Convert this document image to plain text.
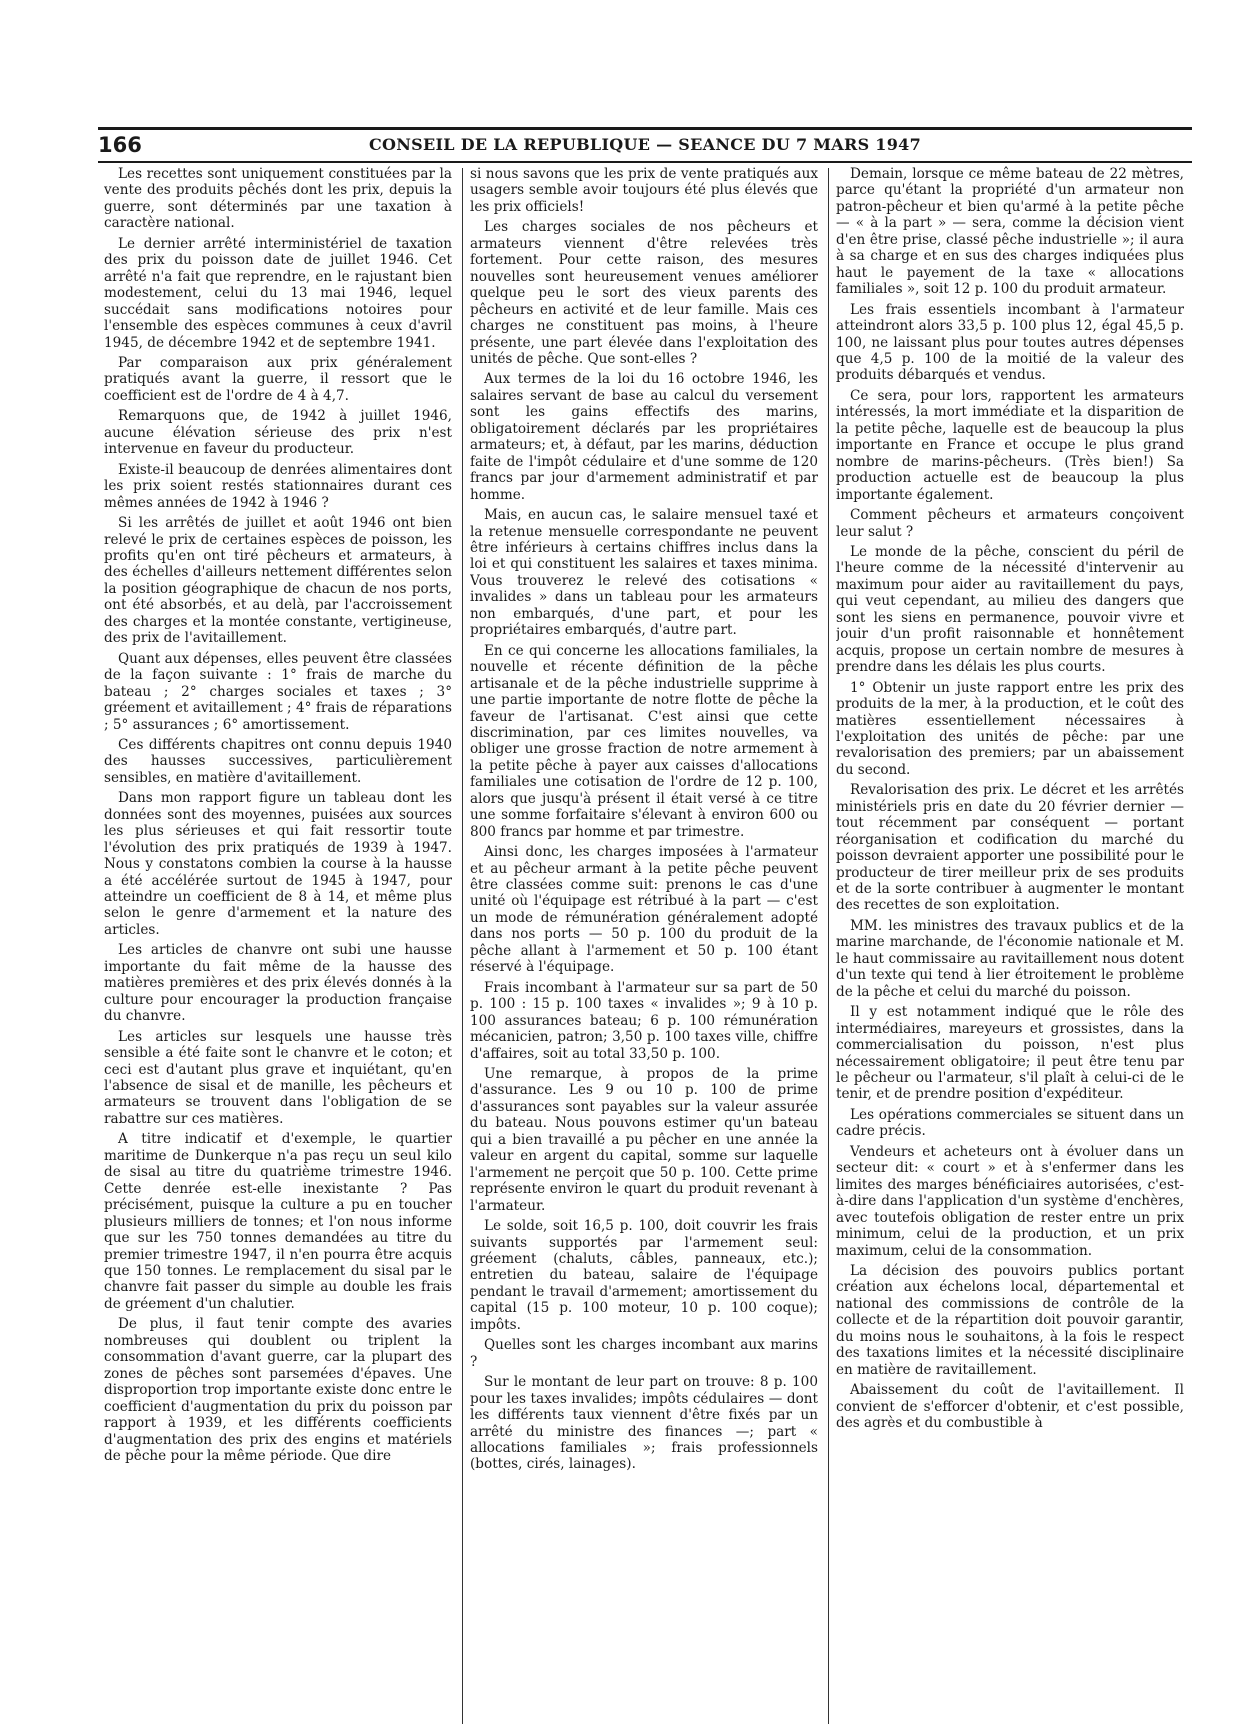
166	CONSEIL DE LA REPUBLIQUE — SEANCE DU 7 MARS 1947

Les recettes sont uniquement constituées par la vente des produits pêchés dont les prix, depuis la guerre, sont déterminés par une taxation à caractère national.

Le dernier arrêté interministériel de taxation des prix du poisson date de juillet 1946. Cet arrêté n'a fait que reprendre, en le rajustant bien modestement, celui du 13 mai 1946, lequel succédait sans modifications notoires pour l'ensemble des espèces communes à ceux d'avril 1945, de décembre 1942 et de septembre 1941.

Par comparaison aux prix généralement pratiqués avant la guerre, il ressort que le coefficient est de l'ordre de 4 à 4,7.

Remarquons que, de 1942 à juillet 1946, aucune élévation sérieuse des prix n'est intervenue en faveur du producteur.

Existe-il beaucoup de denrées alimentaires dont les prix soient restés stationnaires durant ces mêmes années de 1942 à 1946 ?

Si les arrêtés de juillet et août 1946 ont bien relevé le prix de certaines espèces de poisson, les profits qu'en ont tiré pêcheurs et armateurs, à des échelles d'ailleurs nettement différentes selon la position géographique de chacun de nos ports, ont été absorbés, et au delà, par l'accroissement des charges et la montée constante, vertigineuse, des prix de l'avitaillement.

Quant aux dépenses, elles peuvent être classées de la façon suivante : 1° frais de marche du bateau ; 2° charges sociales et taxes ; 3° gréement et avitaillement ; 4° frais de réparations ; 5° assurances ; 6° amortissement.

Ces différents chapitres ont connu depuis 1940 des hausses successives, particulièrement sensibles, en matière d'avitaillement.

Dans mon rapport figure un tableau dont les données sont des moyennes, puisées aux sources les plus sérieuses et qui fait ressortir toute l'évolution des prix pratiqués de 1939 à 1947. Nous y constatons combien la course à la hausse a été accélérée surtout de 1945 à 1947, pour atteindre un coefficient de 8 à 14, et même plus selon le genre d'armement et la nature des articles.

Les articles de chanvre ont subi une hausse importante du fait même de la hausse des matières premières et des prix élevés donnés à la culture pour encourager la production française du chanvre.

Les articles sur lesquels une hausse très sensible a été faite sont le chanvre et le coton; et ceci est d'autant plus grave et inquiétant, qu'en l'absence de sisal et de manille, les pêcheurs et armateurs se trouvent dans l'obligation de se rabattre sur ces matières.

A titre indicatif et d'exemple, le quartier maritime de Dunkerque n'a pas reçu un seul kilo de sisal au titre du quatrième trimestre 1946. Cette denrée est-elle inexistante ? Pas précisément, puisque la culture a pu en toucher plusieurs milliers de tonnes; et l'on nous informe que sur les 750 tonnes demandées au titre du premier trimestre 1947, il n'en pourra être acquis que 150 tonnes. Le remplacement du sisal par le chanvre fait passer du simple au double les frais de gréement d'un chalutier.

De plus, il faut tenir compte des avaries nombreuses qui doublent ou triplent la consommation d'avant guerre, car la plupart des zones de pêches sont parsemées d'épaves. Une disproportion trop importante existe donc entre le coefficient d'augmentation du prix du poisson par rapport à 1939, et les différents coefficients d'augmentation des prix des engins et matériels de pêche pour la même période. Que dire

si nous savons que les prix de vente pratiqués aux usagers semble avoir toujours été plus élevés que les prix officiels!

Les charges sociales de nos pêcheurs et armateurs viennent d'être relevées très fortement. Pour cette raison, des mesures nouvelles sont heureusement venues améliorer quelque peu le sort des vieux parents des pêcheurs en activité et de leur famille. Mais ces charges ne constituent pas moins, à l'heure présente, une part élevée dans l'exploitation des unités de pêche. Que sont-elles ?

Aux termes de la loi du 16 octobre 1946, les salaires servant de base au calcul du versement sont les gains effectifs des marins, obligatoirement déclarés par les propriétaires armateurs; et, à défaut, par les marins, déduction faite de l'impôt cédulaire et d'une somme de 120 francs par jour d'armement administratif et par homme.

Mais, en aucun cas, le salaire mensuel taxé et la retenue mensuelle correspondante ne peuvent être inférieurs à certains chiffres inclus dans la loi et qui constituent les salaires et taxes minima. Vous trouverez le relevé des cotisations « invalides » dans un tableau pour les armateurs non embarqués, d'une part, et pour les propriétaires embarqués, d'autre part.

En ce qui concerne les allocations familiales, la nouvelle et récente définition de la pêche artisanale et de la pêche industrielle supprime à une partie importante de notre flotte de pêche la faveur de l'artisanat. C'est ainsi que cette discrimination, par ces limites nouvelles, va obliger une grosse fraction de notre armement à la petite pêche à payer aux caisses d'allocations familiales une cotisation de l'ordre de 12 p. 100, alors que jusqu'à présent il était versé à ce titre une somme forfaitaire s'élevant à environ 600 ou 800 francs par homme et par trimestre.

Ainsi donc, les charges imposées à l'armateur et au pêcheur armant à la petite pêche peuvent être classées comme suit: prenons le cas d'une unité où l'équipage est rétribué à la part — c'est un mode de rémunération généralement adopté dans nos ports — 50 p. 100 du produit de la pêche allant à l'armement et 50 p. 100 étant réservé à l'équipage.

Frais incombant à l'armateur sur sa part de 50 p. 100 : 15 p. 100 taxes « invalides »; 9 à 10 p. 100 assurances bateau; 6 p. 100 rémunération mécanicien, patron; 3,50 p. 100 taxes ville, chiffre d'affaires, soit au total 33,50 p. 100.

Une remarque, à propos de la prime d'assurance. Les 9 ou 10 p. 100 de prime d'assurances sont payables sur la valeur assurée du bateau. Nous pouvons estimer qu'un bateau qui a bien travaillé a pu pêcher en une année la valeur en argent du capital, somme sur laquelle l'armement ne perçoit que 50 p. 100. Cette prime représente environ le quart du produit revenant à l'armateur.

Le solde, soit 16,5 p. 100, doit couvrir les frais suivants supportés par l'armement seul: gréement (chaluts, câbles, panneaux, etc.); entretien du bateau, salaire de l'équipage pendant le travail d'armement; amortissement du capital (15 p. 100 moteur, 10 p. 100 coque); impôts.

Quelles sont les charges incombant aux marins ?

Sur le montant de leur part on trouve: 8 p. 100 pour les taxes invalides; impôts cédulaires — dont les différents taux viennent d'être fixés par un arrêté du ministre des finances —; part « allocations familiales »; frais professionnels (bottes, cirés, lainages).

Demain, lorsque ce même bateau de 22 mètres, parce qu'étant la propriété d'un armateur non patron-pêcheur et bien qu'armé à la petite pêche — « à la part » — sera, comme la décision vient d'en être prise, classé pêche industrielle »; il aura à sa charge et en sus des charges indiquées plus haut le payement de la taxe « allocations familiales », soit 12 p. 100 du produit armateur.

Les frais essentiels incombant à l'armateur atteindront alors 33,5 p. 100 plus 12, égal 45,5 p. 100, ne laissant plus pour toutes autres dépenses que 4,5 p. 100 de la moitié de la valeur des produits débarqués et vendus.

Ce sera, pour lors, rapportent les armateurs intéressés, la mort immédiate et la disparition de la petite pêche, laquelle est de beaucoup la plus importante en France et occupe le plus grand nombre de marins-pêcheurs. (Très bien!) Sa production actuelle est de beaucoup la plus importante également.

Comment pêcheurs et armateurs conçoivent leur salut ?

Le monde de la pêche, conscient du péril de l'heure comme de la nécessité d'intervenir au maximum pour aider au ravitaillement du pays, qui veut cependant, au milieu des dangers que sont les siens en permanence, pouvoir vivre et jouir d'un profit raisonnable et honnêtement acquis, propose un certain nombre de mesures à prendre dans les délais les plus courts.

1° Obtenir un juste rapport entre les prix des produits de la mer, à la production, et le coût des matières essentiellement nécessaires à l'exploitation des unités de pêche: par une revalorisation des premiers; par un abaissement du second.

Revalorisation des prix. Le décret et les arrêtés ministériels pris en date du 20 février dernier — tout récemment par conséquent — portant réorganisation et codification du marché du poisson devraient apporter une possibilité pour le producteur de tirer meilleur prix de ses produits et de la sorte contribuer à augmenter le montant des recettes de son exploitation.

MM. les ministres des travaux publics et de la marine marchande, de l'économie nationale et M. le haut commissaire au ravitaillement nous dotent d'un texte qui tend à lier étroitement le problème de la pêche et celui du marché du poisson.

Il y est notamment indiqué que le rôle des intermédiaires, mareyeurs et grossistes, dans la commercialisation du poisson, n'est plus nécessairement obligatoire; il peut être tenu par le pêcheur ou l'armateur, s'il plaît à celui-ci de le tenir, et de prendre position d'expéditeur.

Les opérations commerciales se situent dans un cadre précis.

Vendeurs et acheteurs ont à évoluer dans un secteur dit: « court » et à s'enfermer dans les limites des marges bénéficiaires autorisées, c'est-à-dire dans l'application d'un système d'enchères, avec toutefois obligation de rester entre un prix minimum, celui de la production, et un prix maximum, celui de la consommation.

La décision des pouvoirs publics portant création aux échelons local, départemental et national des commissions de contrôle de la collecte et de la répartition doit pouvoir garantir, du moins nous le souhaitons, à la fois le respect des taxations limites et la nécessité disciplinaire en matière de ravitaillement.

Abaissement du coût de l'avitaillement. Il convient de s'efforcer d'obtenir, et c'est possible, des agrès et du combustible à
